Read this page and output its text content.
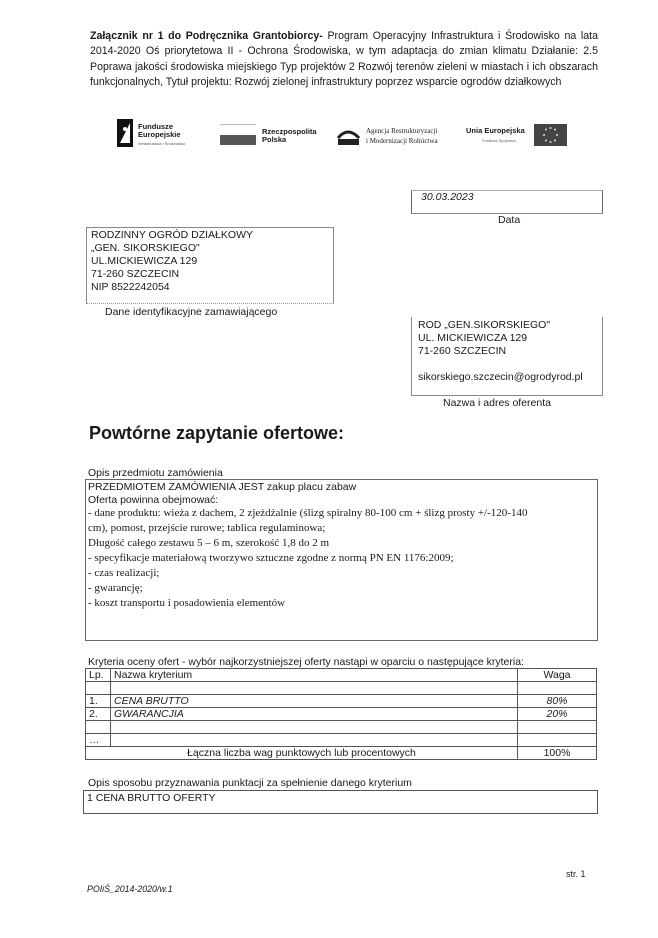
Załącznik nr 1 do Podręcznika Grantobiorcy- Program Operacyjny Infrastruktura i Środowisko na lata 2014-2020 Oś priorytetowa II - Ochrona Środowiska, w tym adaptacja do zmian klimatu Działanie: 2.5 Poprawa jakości środowiska miejskiego Typ projektów 2 Rozwój terenów zieleni w miastach i ich obszarach funkcjonalnych, Tytuł projektu: Rozwój zielonej infrastruktury poprzez wsparcie ogrodów działkowych
Fundusze
Europejskie
Infrastruktura i Środowisko
Rzeczpospolita
Polska
Agencja Restrukturyzacji
i Modernizacji Rolnictwa
Unia Europejska
Fundusz Spójności
30.03.2023
Data
RODZINNY OGRÓD DZIAŁKOWY
„GEN. SIKORSKIEGO"
UL.MICKIEWICZA 129
71-260 SZCZECIN
NIP 8522242054
Dane identyfikacyjne zamawiającego
ROD „GEN.SIKORSKIEGO"
UL. MICKIEWICZA 129
71-260 SZCZECIN
sikorskiego.szczecin@ogrodyrod.pl
Nazwa i adres oferenta
Powtórne zapytanie ofertowe:
Opis przedmiotu zamówienia
PRZEDMIOTEM ZAMÓWIENIA JEST zakup placu zabaw
Oferta powinna obejmować:
- dane produktu: wieża z dachem, 2 zjeżdżalnie (ślizg spiralny 80-100 cm + ślizg prosty +/-120-140
cm), pomost, przejście rurowe; tablica regulaminowa;
Długość całego zestawu 5 – 6 m, szerokość 1,8 do 2 m
- specyfikacje materiałową tworzywo sztuczne zgodne z normą PN EN 1176:2009;
- czas realizacji;
- gwarancję;
- koszt transportu i posadowienia elementów
Kryteria oceny ofert - wybór najkorzystniejszej oferty nastąpi w oparciu o następujące kryteria:
Lp.	Nazwa kryterium	Waga

1.	CENA BRUTTO	80%
2.	GWARANCJIA	20%

…		
Łączna liczba wag punktowych lub procentowych		100%
Opis sposobu przyznawania punktacji za spełnienie danego kryterium
1 CENA BRUTTO OFERTY
POIiŚ_2014-2020/w.1
str. 1
